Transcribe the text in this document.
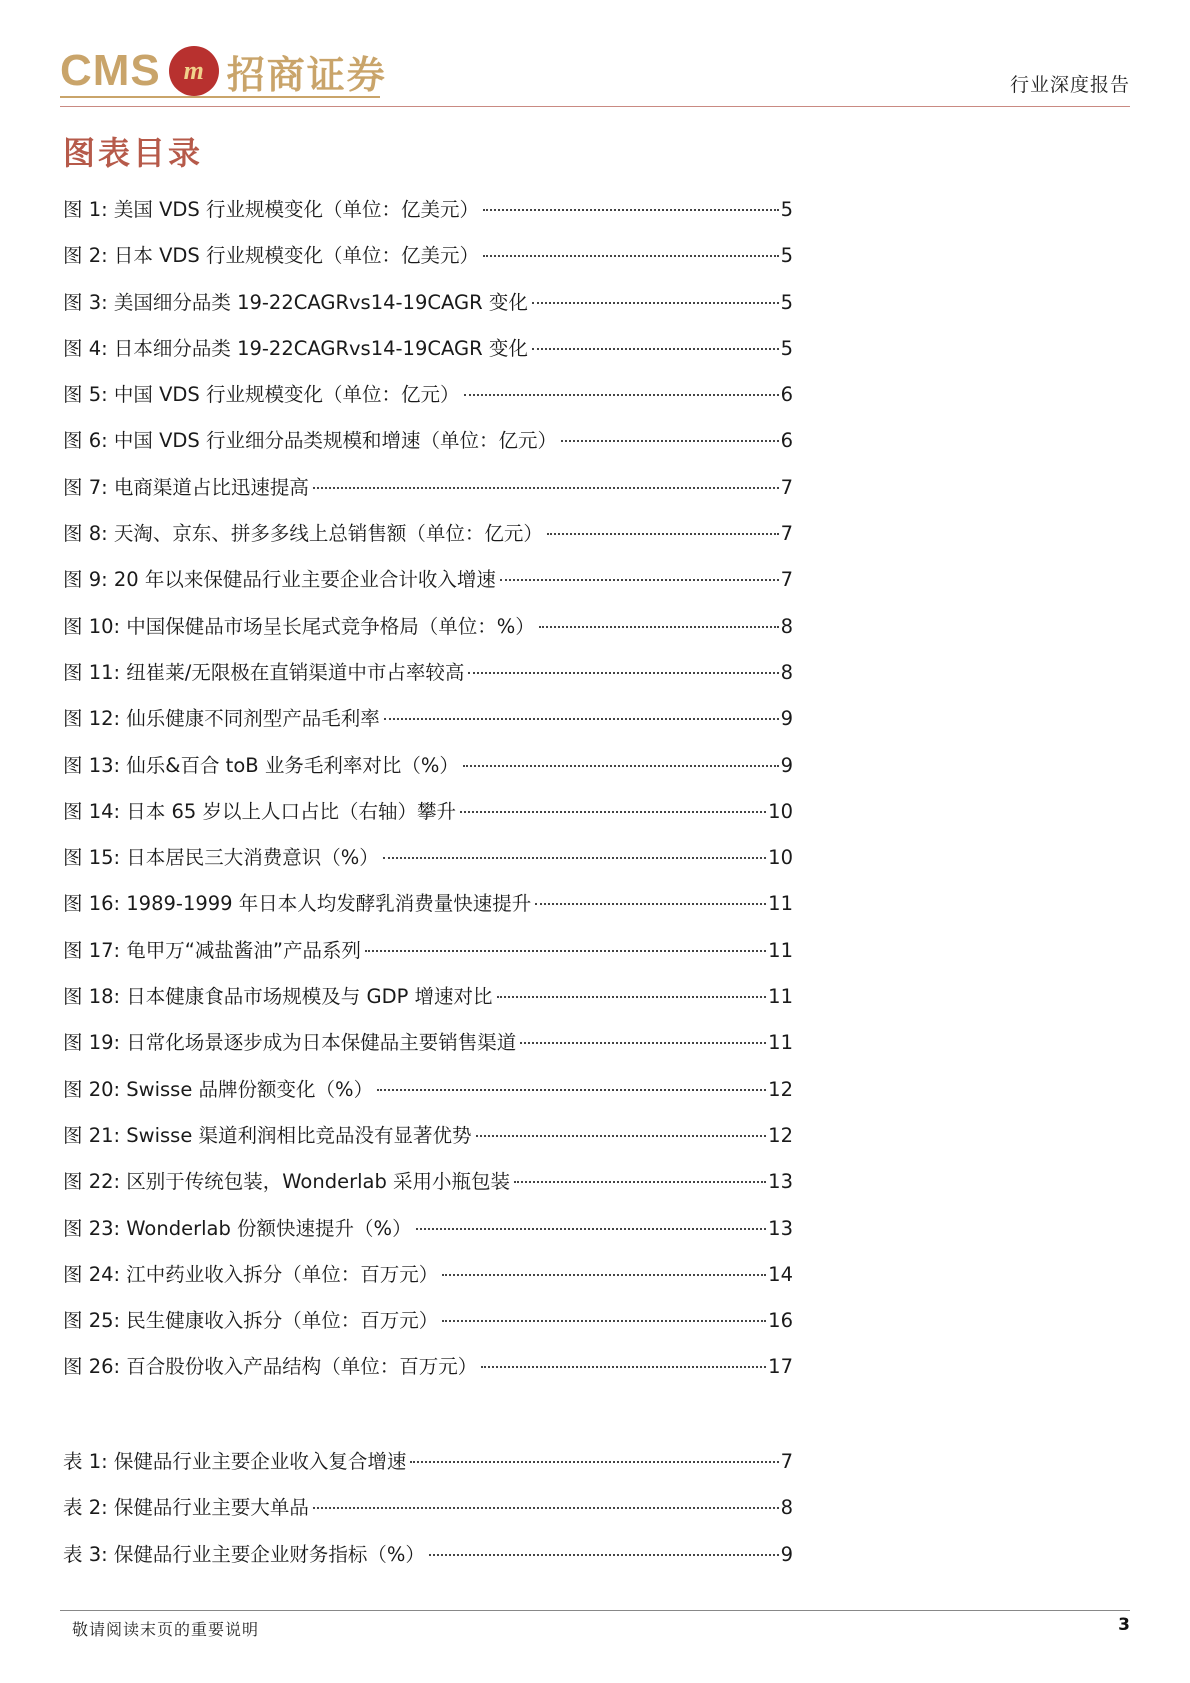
CMS m 招商证券	行业深度报告
图表目录
图 1: 美国 VDS 行业规模变化（单位：亿美元）	5
图 2: 日本 VDS 行业规模变化（单位：亿美元）	5
图 3: 美国细分品类 19-22CAGRvs14-19CAGR 变化	5
图 4: 日本细分品类 19-22CAGRvs14-19CAGR 变化	5
图 5: 中国 VDS 行业规模变化（单位：亿元）	6
图 6: 中国 VDS 行业细分品类规模和增速（单位：亿元）	6
图 7: 电商渠道占比迅速提高	7
图 8: 天淘、京东、拼多多线上总销售额（单位：亿元）	7
图 9: 20 年以来保健品行业主要企业合计收入增速	7
图 10: 中国保健品市场呈长尾式竞争格局（单位：%）	8
图 11: 纽崔莱/无限极在直销渠道中市占率较高	8
图 12: 仙乐健康不同剂型产品毛利率	9
图 13: 仙乐&百合 toB 业务毛利率对比（%）	9
图 14: 日本 65 岁以上人口占比（右轴）攀升	10
图 15: 日本居民三大消费意识（%）	10
图 16: 1989-1999 年日本人均发酵乳消费量快速提升	11
图 17: 龟甲万“减盐酱油”产品系列	11
图 18: 日本健康食品市场规模及与 GDP 增速对比	11
图 19: 日常化场景逐步成为日本保健品主要销售渠道	11
图 20: Swisse 品牌份额变化（%）	12
图 21: Swisse 渠道利润相比竞品没有显著优势	12
图 22: 区别于传统包装，Wonderlab 采用小瓶包装	13
图 23: Wonderlab 份额快速提升（%）	13
图 24: 江中药业收入拆分（单位：百万元）	14
图 25: 民生健康收入拆分（单位：百万元）	16
图 26: 百合股份收入产品结构（单位：百万元）	17
表 1: 保健品行业主要企业收入复合增速	7
表 2: 保健品行业主要大单品	8
表 3: 保健品行业主要企业财务指标（%）	9
敬请阅读末页的重要说明	3
